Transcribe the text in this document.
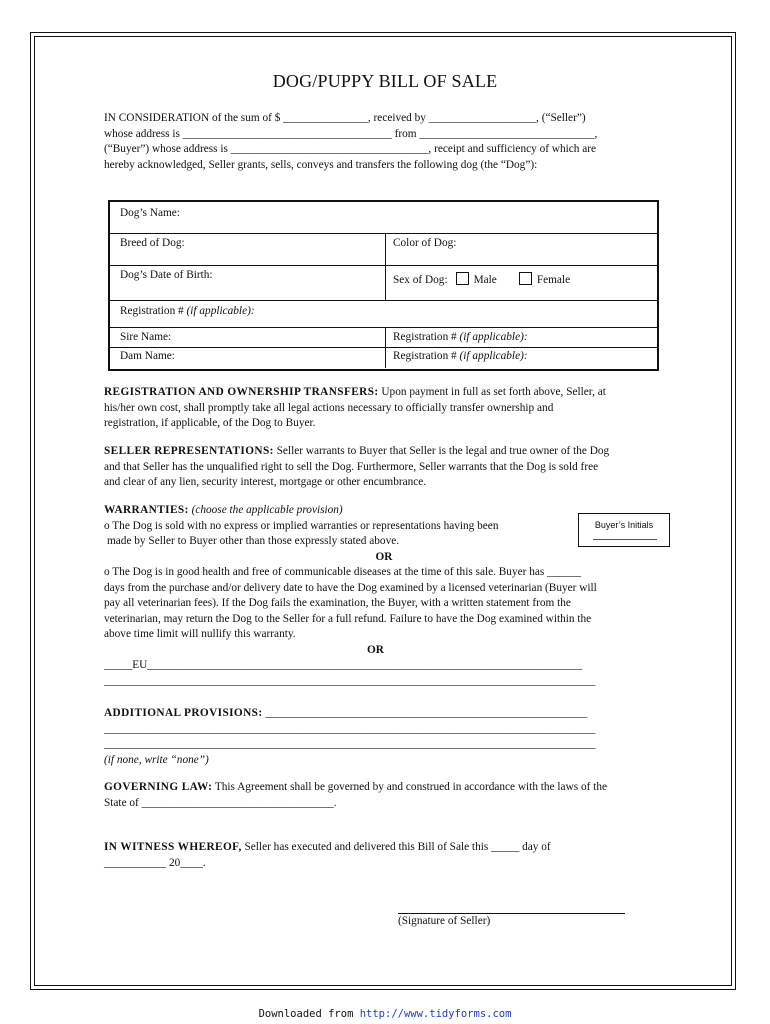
DOG/PUPPY BILL OF SALE
IN CONSIDERATION of the sum of $ _______________, received by ___________________, (“Seller”)
whose address is _____________________________________ from _______________________________,
(“Buyer”) whose address is ___________________________________, receipt and sufficiency of which are
hereby acknowledged, Seller grants, sells, conveys and transfers the following dog (the “Dog”):
Dog’s Name:
Breed of Dog:	Color of Dog:
Dog’s Date of Birth:	Sex of Dog: Male	Female
Registration # (if applicable):
Sire Name:	Registration # (if applicable):
Dam Name:	Registration # (if applicable):
REGISTRATION AND OWNERSHIP TRANSFERS: Upon payment in full as set forth above, Seller, at
his/her own cost, shall promptly take all legal actions necessary to officially transfer ownership and
registration, if applicable, of the Dog to Buyer.
SELLER REPRESENTATIONS: Seller warrants to Buyer that Seller is the legal and true owner of the Dog
and that Seller has the unqualified right to sell the Dog. Furthermore, Seller warrants that the Dog is sold free
and clear of any lien, security interest, mortgage or other encumbrance.
WARRANTIES: (choose the applicable provision)
o The Dog is sold with no express or implied warranties or representations having been
made by Seller to Buyer other than those expressly stated above.
OR
o The Dog is in good health and free of communicable diseases at the time of this sale. Buyer has ______
days from the purchase and/or delivery date to have the Dog examined by a licensed veterinarian (Buyer will
pay all veterinarian fees). If the Dog fails the examination, the Buyer, with a written statement from the
veterinarian, may return the Dog to the Seller for a full refund. Failure to have the Dog examined within the
above time limit will nullify this warranty.
OR
_____EU_____________________________________________________________________________
_______________________________________________________________________________________
Buyer’s Initials
ADDITIONAL PROVISIONS: _________________________________________________________
_______________________________________________________________________________________
_______________________________________________________________________________________
(if none, write “none”)
GOVERNING LAW: This Agreement shall be governed by and construed in accordance with the laws of the
State of __________________________________.
IN WITNESS WHEREOF, Seller has executed and delivered this Bill of Sale this _____ day of
___________ 20____.
(Signature of Seller)
Downloaded from http://www.tidyforms.com
